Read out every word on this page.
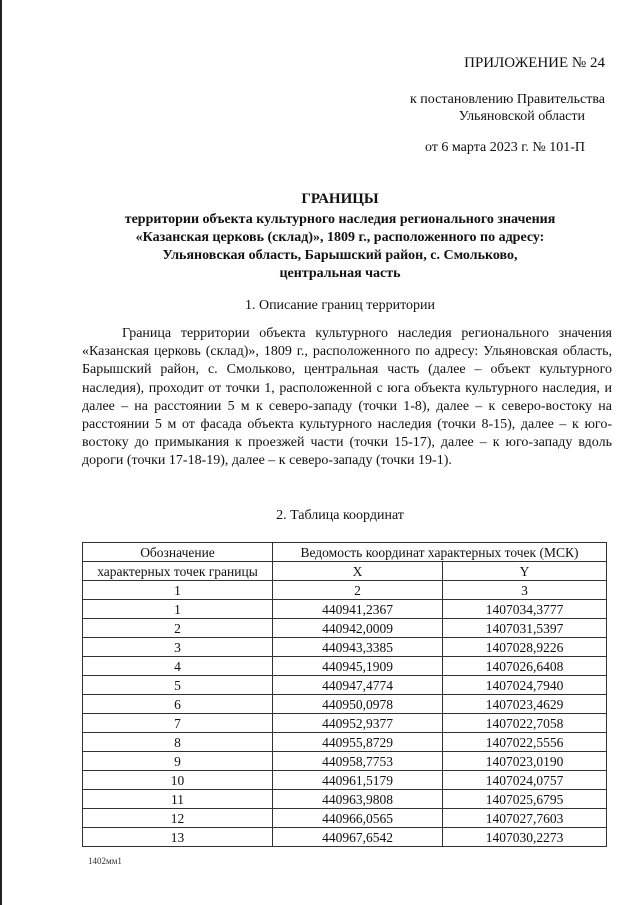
ПРИЛОЖЕНИЕ № 24
к постановлению Правительства
Ульяновской области
от 6 марта 2023 г. № 101-П
ГРАНИЦЫ
территории объекта культурного наследия регионального значения
«Казанская церковь (склад)», 1809 г., расположенного по адресу:
Ульяновская область, Барышский район, с. Смольково,
центральная часть
1. Описание границ территории
Граница территории объекта культурного наследия регионального значения «Казанская церковь (склад)», 1809 г., расположенного по адресу: Ульяновская область, Барышский район, с. Смольково, центральная часть (далее – объект культурного наследия), проходит от точки 1, расположенной с юга объекта культурного наследия, и далее – на расстоянии 5 м к северо-западу (точки 1-8), далее – к северо-востоку на расстоянии 5 м от фасада объекта культурного наследия (точки 8-15), далее – к юго-востоку до примыкания к проезжей части (точки 15-17), далее – к юго-западу вдоль дороги (точки 17-18-19), далее – к северо-западу (точки 19-1).
2. Таблица координат
Обозначение	Ведомость координат характерных точек (МСК)	
характерных точек границы	X	Y
1	2	3
1	440941,2367	1407034,3777
2	440942,0009	1407031,5397
3	440943,3385	1407028,9226
4	440945,1909	1407026,6408
5	440947,4774	1407024,7940
6	440950,0978	1407023,4629
7	440952,9377	1407022,7058
8	440955,8729	1407022,5556
9	440958,7753	1407023,0190
10	440961,5179	1407024,0757
11	440963,9808	1407025,6795
12	440966,0565	1407027,7603
13	440967,6542	1407030,2273
1402мм1
